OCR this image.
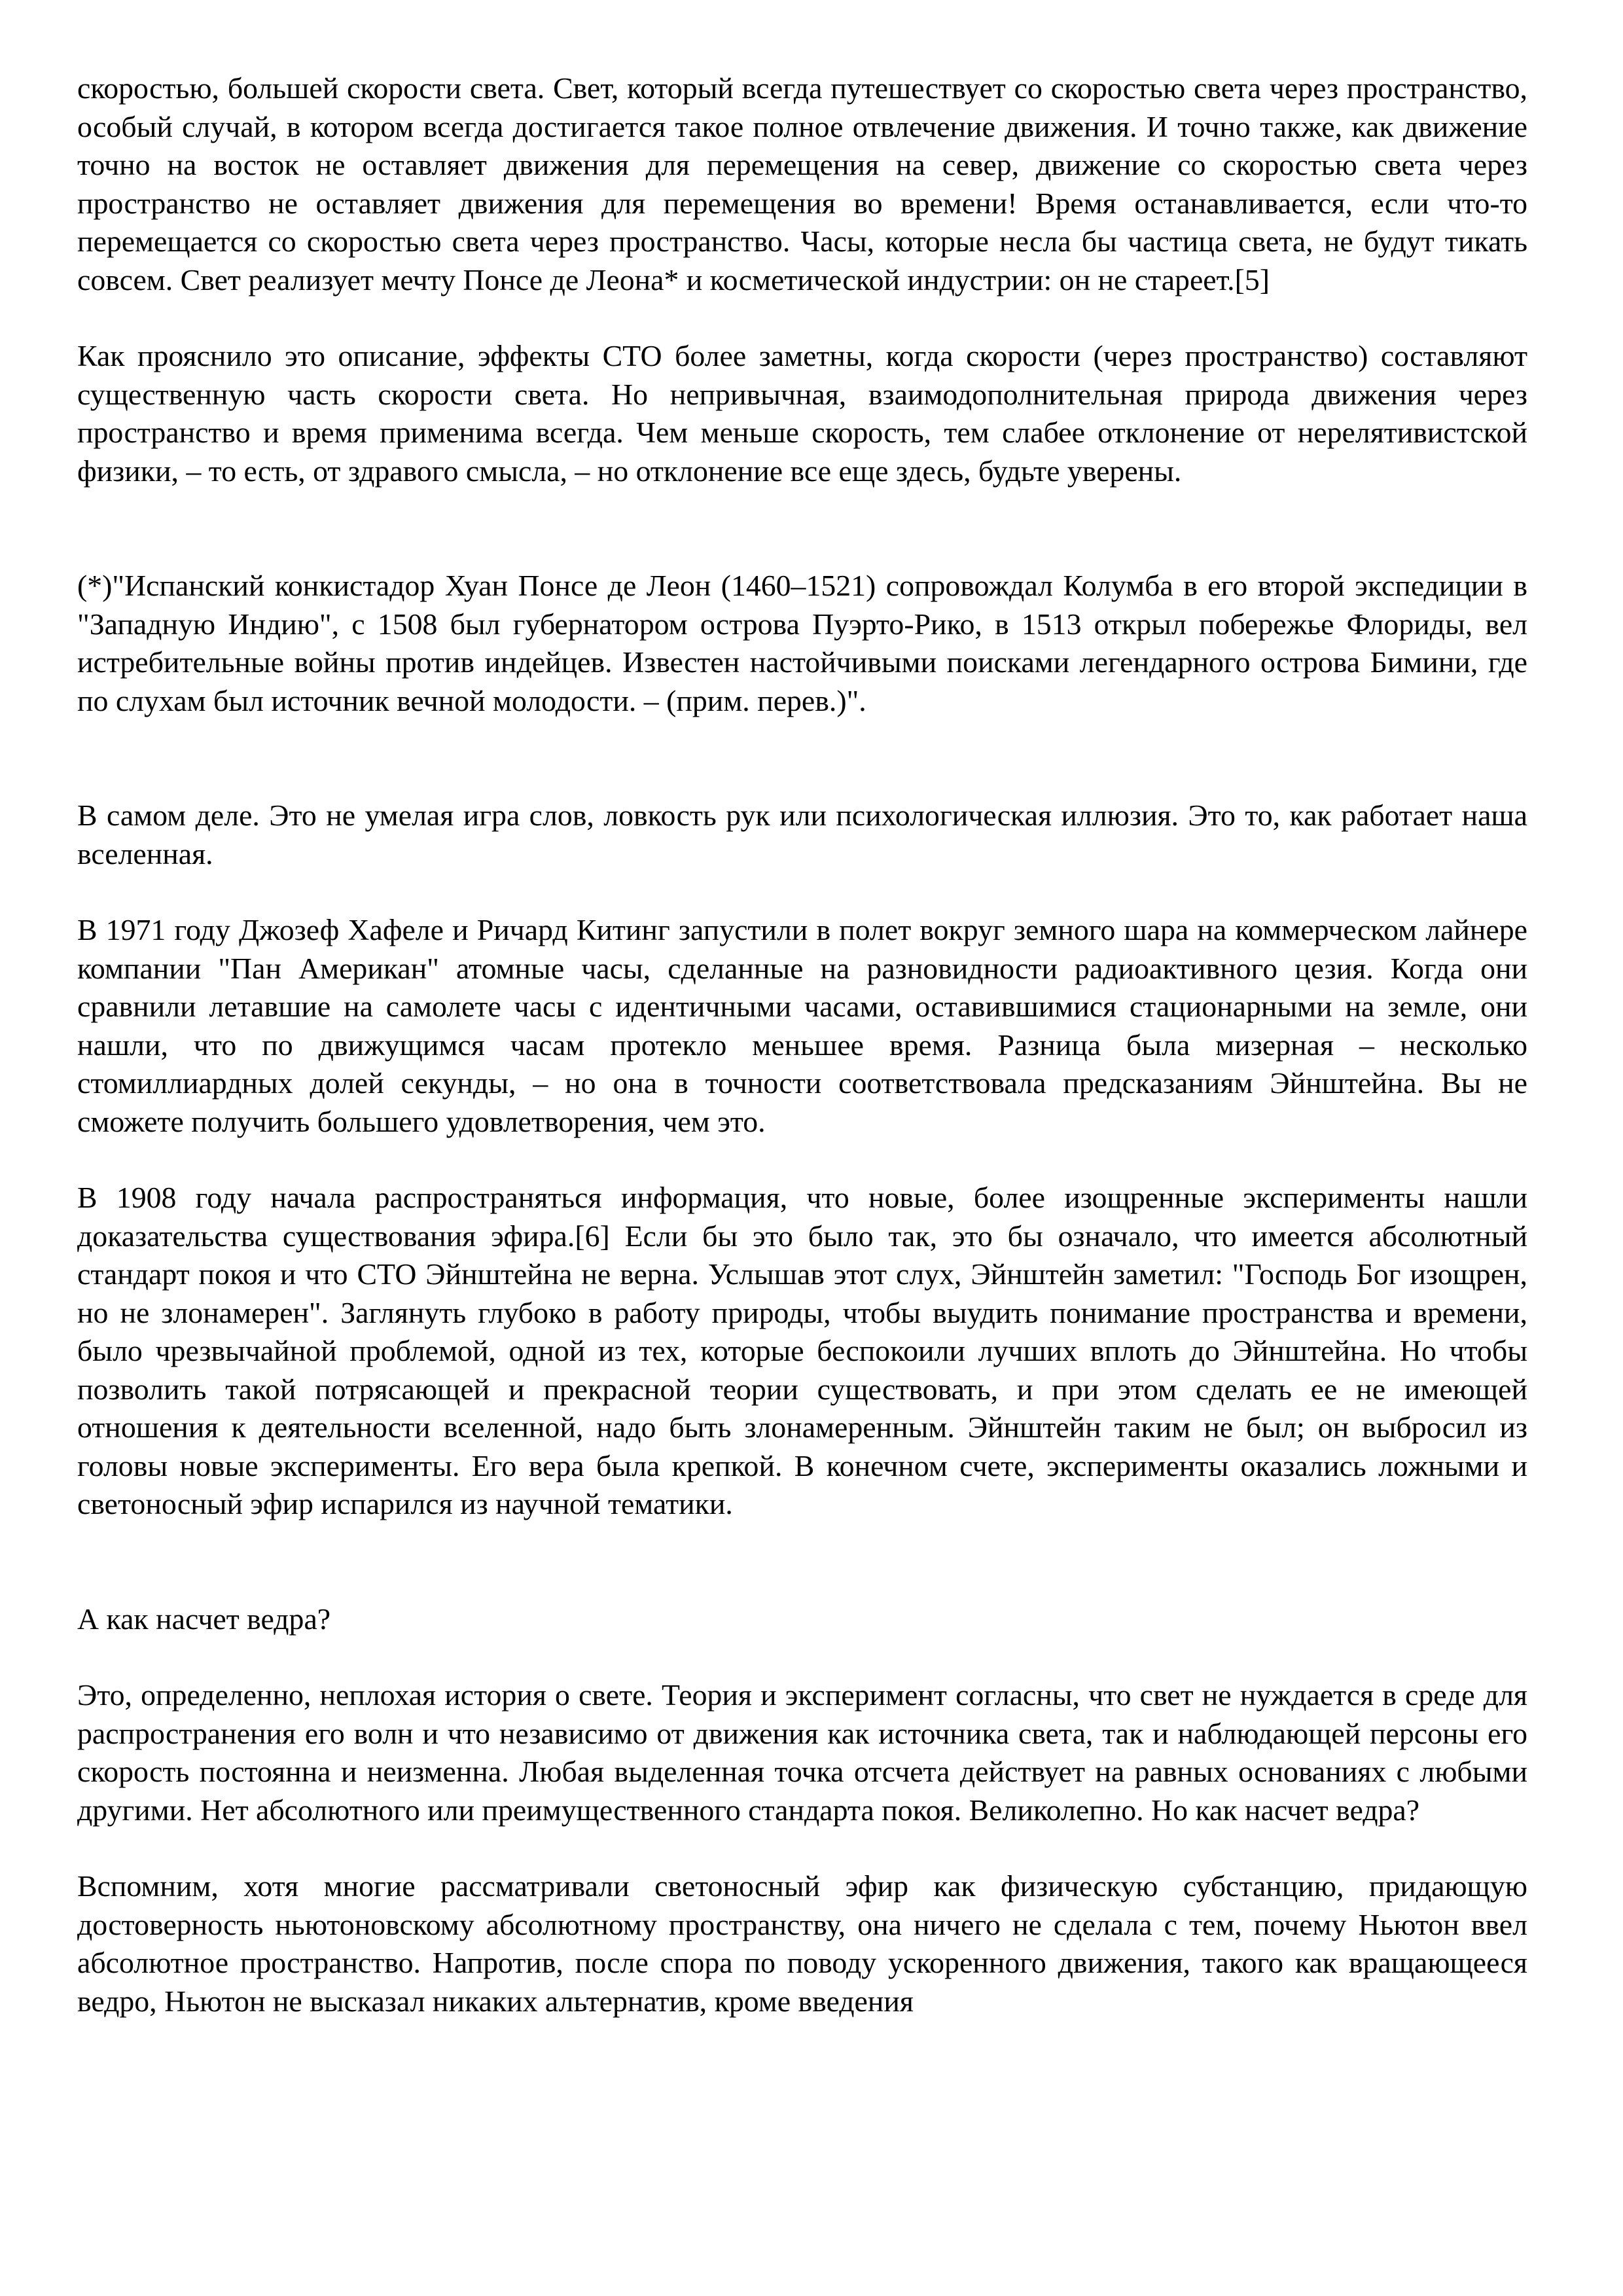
скоростью, большей скорости света. Свет, который всегда путешествует со скоростью света через пространство, особый случай, в котором всегда достигается такое полное отвлечение движения. И точно также, как движение точно на восток не оставляет движения для перемещения на север, движение со скоростью света через пространство не оставляет движения для перемещения во времени! Время останавливается, если что-то перемещается со скоростью света через пространство. Часы, которые несла бы частица света, не будут тикать совсем. Свет реализует мечту Понсе де Леона* и косметической индустрии: он не стареет.[5]

Как прояснило это описание, эффекты СТО более заметны, когда скорости (через пространство) составляют существенную часть скорости света. Но непривычная, взаимодополнительная природа движения через пространство и время применима всегда. Чем меньше скорость, тем слабее отклонение от нерелятивистской физики, – то есть, от здравого смысла, – но отклонение все еще здесь, будьте уверены.

(*)"Испанский конкистадор Хуан Понсе де Леон (1460–1521) сопровождал Колумба в его второй экспедиции в "Западную Индию", с 1508 был губернатором острова Пуэрто-Рико, в 1513 открыл побережье Флориды, вел истребительные войны против индейцев. Известен настойчивыми поисками легендарного острова Бимини, где по слухам был источник вечной молодости. – (прим. перев.)".

В самом деле. Это не умелая игра слов, ловкость рук или психологическая иллюзия. Это то, как работает наша вселенная.

В 1971 году Джозеф Хафеле и Ричард Китинг запустили в полет вокруг земного шара на коммерческом лайнере компании "Пан Американ" атомные часы, сделанные на разновидности радиоактивного цезия. Когда они сравнили летавшие на самолете часы с идентичными часами, оставившимися стационарными на земле, они нашли, что по движущимся часам протекло меньшее время. Разница была мизерная – несколько стомиллиардных долей секунды, – но она в точности соответствовала предсказаниям Эйнштейна. Вы не сможете получить большего удовлетворения, чем это.

В 1908 году начала распространяться информация, что новые, более изощренные эксперименты нашли доказательства существования эфира.[6] Если бы это было так, это бы означало, что имеется абсолютный стандарт покоя и что СТО Эйнштейна не верна. Услышав этот слух, Эйнштейн заметил: "Господь Бог изощрен, но не злонамерен". Заглянуть глубоко в работу природы, чтобы выудить понимание пространства и времени, было чрезвычайной проблемой, одной из тех, которые беспокоили лучших вплоть до Эйнштейна. Но чтобы позволить такой потрясающей и прекрасной теории существовать, и при этом сделать ее не имеющей отношения к деятельности вселенной, надо быть злонамеренным. Эйнштейн таким не был; он выбросил из головы новые эксперименты. Его вера была крепкой. В конечном счете, эксперименты оказались ложными и светоносный эфир испарился из научной тематики.

А как насчет ведра?

Это, определенно, неплохая история о свете. Теория и эксперимент согласны, что свет не нуждается в среде для распространения его волн и что независимо от движения как источника света, так и наблюдающей персоны его скорость постоянна и неизменна. Любая выделенная точка отсчета действует на равных основаниях с любыми другими. Нет абсолютного или преимущественного стандарта покоя. Великолепно. Но как насчет ведра?

Вспомним, хотя многие рассматривали светоносный эфир как физическую субстанцию, придающую достоверность ньютоновскому абсолютному пространству, она ничего не сделала с тем, почему Ньютон ввел абсолютное пространство. Напротив, после спора по поводу ускоренного движения, такого как вращающееся ведро, Ньютон не высказал никаких альтернатив, кроме введения
